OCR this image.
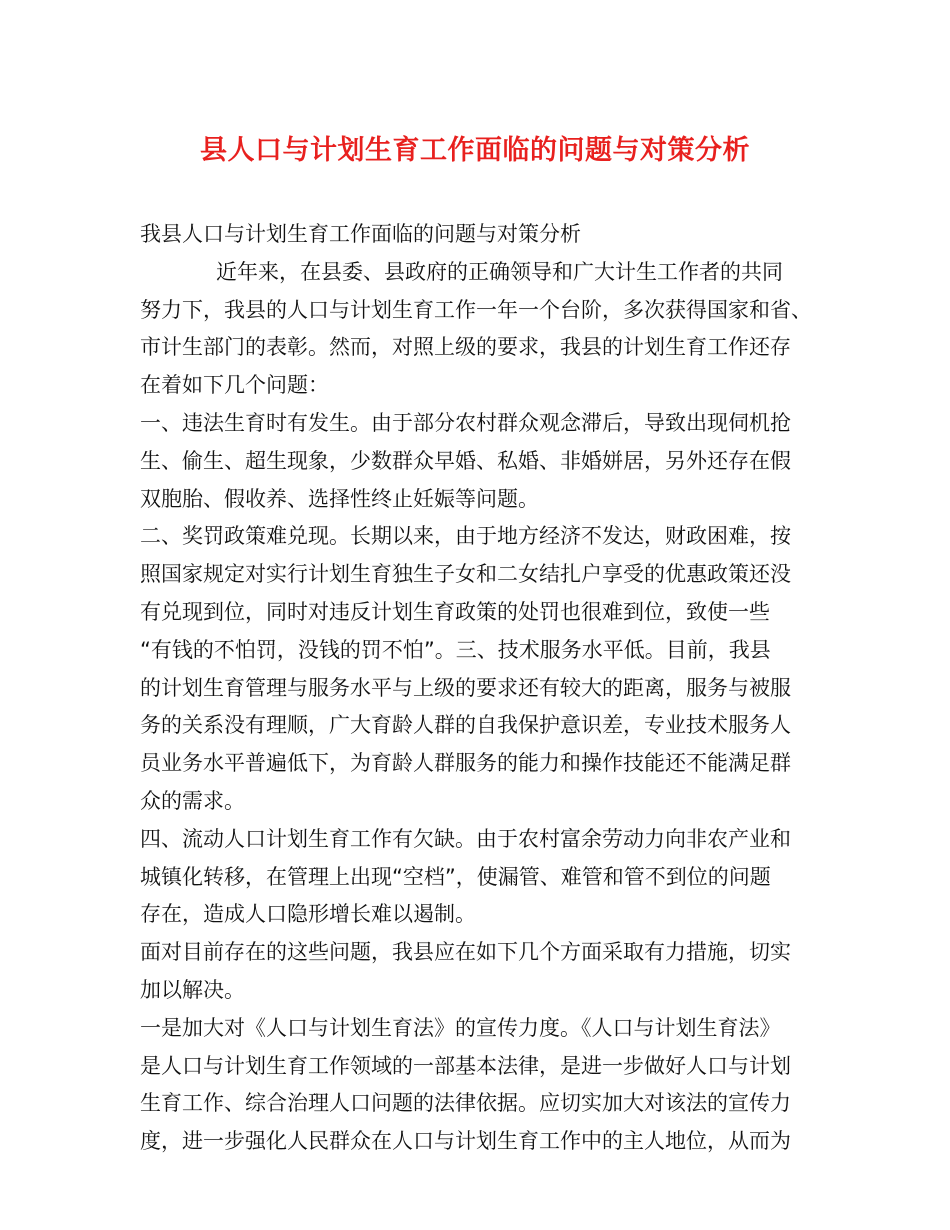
县人口与计划生育工作面临的问题与对策分析
我县人口与计划生育工作面临的问题与对策分析
近年来，在县委、县政府的正确领导和广大计生工作者的共同
努力下，我县的人口与计划生育工作一年一个台阶，多次获得国家和省、
市计生部门的表彰。然而，对照上级的要求，我县的计划生育工作还存
在着如下几个问题：
一、违法生育时有发生。由于部分农村群众观念滞后，导致出现伺机抢
生、偷生、超生现象，少数群众早婚、私婚、非婚姘居，另外还存在假
双胞胎、假收养、选择性终止妊娠等问题。
二、奖罚政策难兑现。长期以来，由于地方经济不发达，财政困难，按
照国家规定对实行计划生育独生子女和二女结扎户享受的优惠政策还没
有兑现到位，同时对违反计划生育政策的处罚也很难到位，致使一些
“有钱的不怕罚，没钱的罚不怕”。三、技术服务水平低。目前，我县
的计划生育管理与服务水平与上级的要求还有较大的距离，服务与被服
务的关系没有理顺，广大育龄人群的自我保护意识差，专业技术服务人
员业务水平普遍低下，为育龄人群服务的能力和操作技能还不能满足群
众的需求。
四、流动人口计划生育工作有欠缺。由于农村富余劳动力向非农产业和
城镇化转移，在管理上出现“空档”，使漏管、难管和管不到位的问题
存在，造成人口隐形增长难以遏制。
面对目前存在的这些问题，我县应在如下几个方面采取有力措施，切实
加以解决。
一是加大对《人口与计划生育法》的宣传力度。《人口与计划生育法》
是人口与计划生育工作领域的一部基本法律，是进一步做好人口与计划
生育工作、综合治理人口问题的法律依据。应切实加大对该法的宣传力
度，进一步强化人民群众在人口与计划生育工作中的主人地位，从而为
